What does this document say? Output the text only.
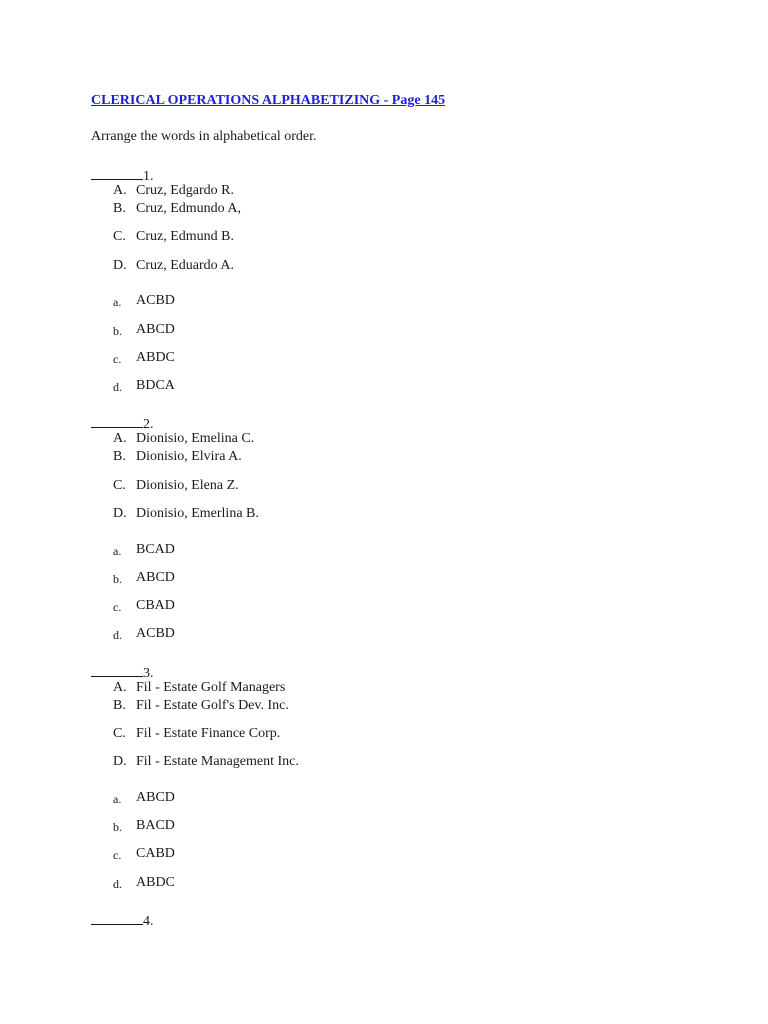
CLERICAL OPERATIONS ALPHABETIZING - Page 145
Arrange the words in alphabetical order.
1.
A. Cruz, Edgardo R.
B. Cruz, Edmundo A,
C. Cruz, Edmund B.
D. Cruz, Eduardo A.
a.	ACBD
b.	ABCD
c.	ABDC
d.	BDCA
2.
A. Dionisio, Emelina C.
B. Dionisio, Elvira A.
C. Dionisio, Elena Z.
D. Dionisio, Emerlina B.
a.	BCAD
b.	ABCD
c.	CBAD
d.	ACBD
3.
A. Fil - Estate Golf Managers
B. Fil - Estate Golf's Dev. Inc.
C. Fil - Estate Finance Corp.
D. Fil - Estate Management Inc.
a.	ABCD
b.	BACD
c.	CABD
d.	ABDC
4.
